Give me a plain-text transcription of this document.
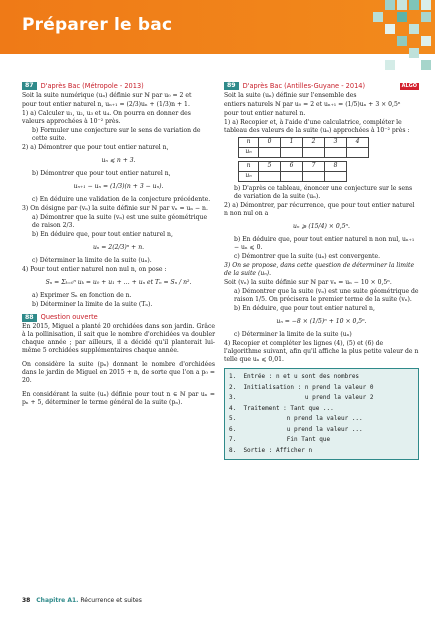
Préparer le bac
87	D'après Bac (Métropole - 2013)

Soit la suite numérique (uₙ) définie sur ℕ par u₀ = 2 et

pour tout entier naturel n, uₙ₊₁ = (2/3)uₙ + (1/3)n + 1.

1) a) Calculer u₁, u₂, u₃ et u₄. On pourra en donner des valeurs approchées à 10⁻² près.
b) Formuler une conjecture sur le sens de variation de cette suite.
2) a) Démontrer que pour tout entier naturel n,
uₙ ⩽ n + 3.
b) Démontrer que pour tout entier naturel n,
uₙ₊₁ − uₙ = (1/3)(n + 3 − uₙ).
c) En déduire une validation de la conjecture précédente.
3) On désigne par (vₙ) la suite définie sur ℕ par vₙ = uₙ − n.
a) Démontrer que la suite (vₙ) est une suite géométrique de raison 2/3.
b) En déduire que, pour tout entier naturel n,
uₙ = 2(2/3)ⁿ + n.
c) Déterminer la limite de la suite (uₙ).
4) Pour tout entier naturel non nul n, on pose :
Sₙ = Σₖ₌₀ⁿ uₖ = u₀ + u₁ + … + uₙ et Tₙ = Sₙ / n².
a) Exprimer Sₙ en fonction de n.
b) Déterminer la limite de la suite (Tₙ).
88	Question ouverte

En 2015, Miguel a planté 20 orchidées dans son jardin. Grâce à la pollinisation, il sait que le nombre d'orchidées va doubler chaque année ; par ailleurs, il a décidé qu'il planterait lui-même 5 orchidées supplémentaires chaque année.

On considère la suite (pₙ) donnant le nombre d'orchidées dans le jardin de Miguel en 2015 + n, de sorte que l'on a p₀ = 20.

En considérant la suite (uₙ) définie pour tout n ∈ ℕ par uₙ = pₙ + 5, déterminer le terme général de la suite (pₙ).

89	D'après Bac (Antilles-Guyane - 2014)	ALGO

Soit la suite (uₙ) définie sur l'ensemble des

entiers naturels ℕ par u₀ = 2 et uₙ₊₁ = (1/5)uₙ + 3 × 0,5ⁿ

pour tout entier naturel n.

1) a) Recopier et, à l'aide d'une calculatrice, compléter le tableau des valeurs de la suite (uₙ) approchées à 10⁻² près :
n	0	1	2	3	4
uₙ					
n	5	6	7	8
uₙ				
b) D'après ce tableau, énoncer une conjecture sur le sens de variation de la suite (uₙ).
2) a) Démontrer, par récurrence, que pour tout entier naturel n non nul on a
uₙ ⩾ (15/4) × 0,5ⁿ.
b) En déduire que, pour tout entier naturel n non nul, uₙ₊₁ − uₙ ⩽ 0.
c) Démontrer que la suite (uₙ) est convergente.
3) On se propose, dans cette question de déterminer la limite de la suite (uₙ).
Soit (vₙ) la suite définie sur ℕ par vₙ = uₙ − 10 × 0,5ⁿ.
a) Démontrer que la suite (vₙ) est une suite géométrique de raison 1/5. On précisera le premier terme de la suite (vₙ).
b) En déduire, que pour tout entier naturel n,
uₙ = −8 × (1/5)ⁿ + 10 × 0,5ⁿ.
c) Déterminer la limite de la suite (uₙ)
4) Recopier et compléter les lignes (4), (5) et (6) de l'algorithme suivant, afin qu'il affiche la plus petite valeur de n telle que uₙ ⩽ 0,01.
1.  Entrée : n et u sont des nombres
2.  Initialisation : n prend la valeur 0
3.                   u prend la valeur 2
4.  Traitement : Tant que ...
5.              n prend la valeur ...
6.              u prend la valeur ...
7.              Fin Tant que
8.  Sortie : Afficher n
38 Chapitre A1. Récurrence et suites
